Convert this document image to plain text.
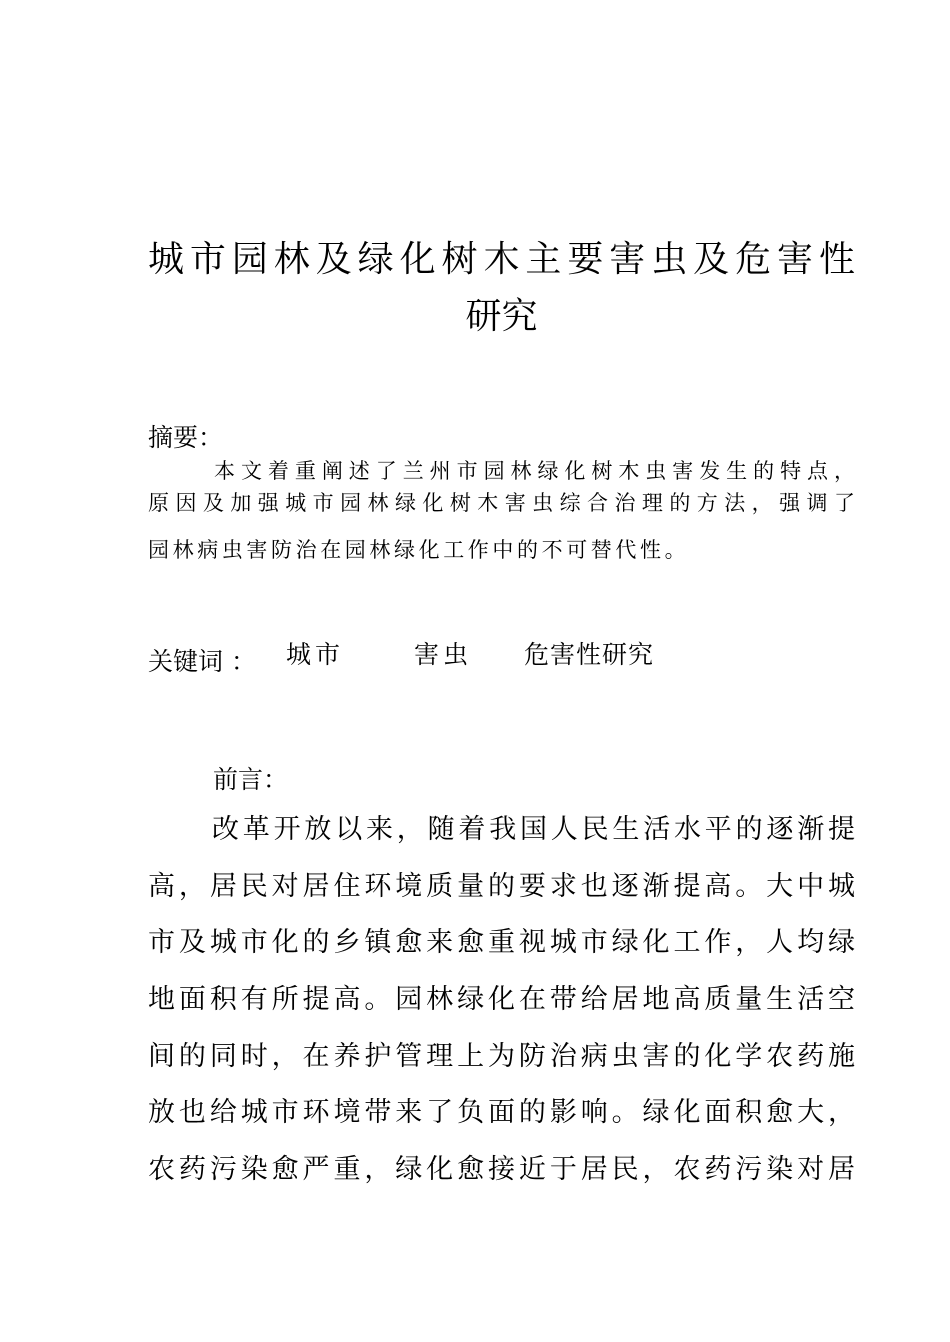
城市园林及绿化树木主要害虫及危害性
研究
摘要：
本文着重阐述了兰州市园林绿化树木虫害发生的特点，
原因及加强城市园林绿化树木害虫综合治理的方法，强调了
园林病虫害防治在园林绿化工作中的不可替代性。
关键词 ： 城市	害虫 危害性研究
前言：
改革开放以来，随着我国人民生活水平的逐渐提
高，居民对居住环境质量的要求也逐渐提高。大中城
市及城市化的乡镇愈来愈重视城市绿化工作，人均绿
地面积有所提高。园林绿化在带给居地高质量生活空
间的同时，在养护管理上为防治病虫害的化学农药施
放也给城市环境带来了负面的影响。绿化面积愈大，
农药污染愈严重，绿化愈接近于居民，农药污染对居
